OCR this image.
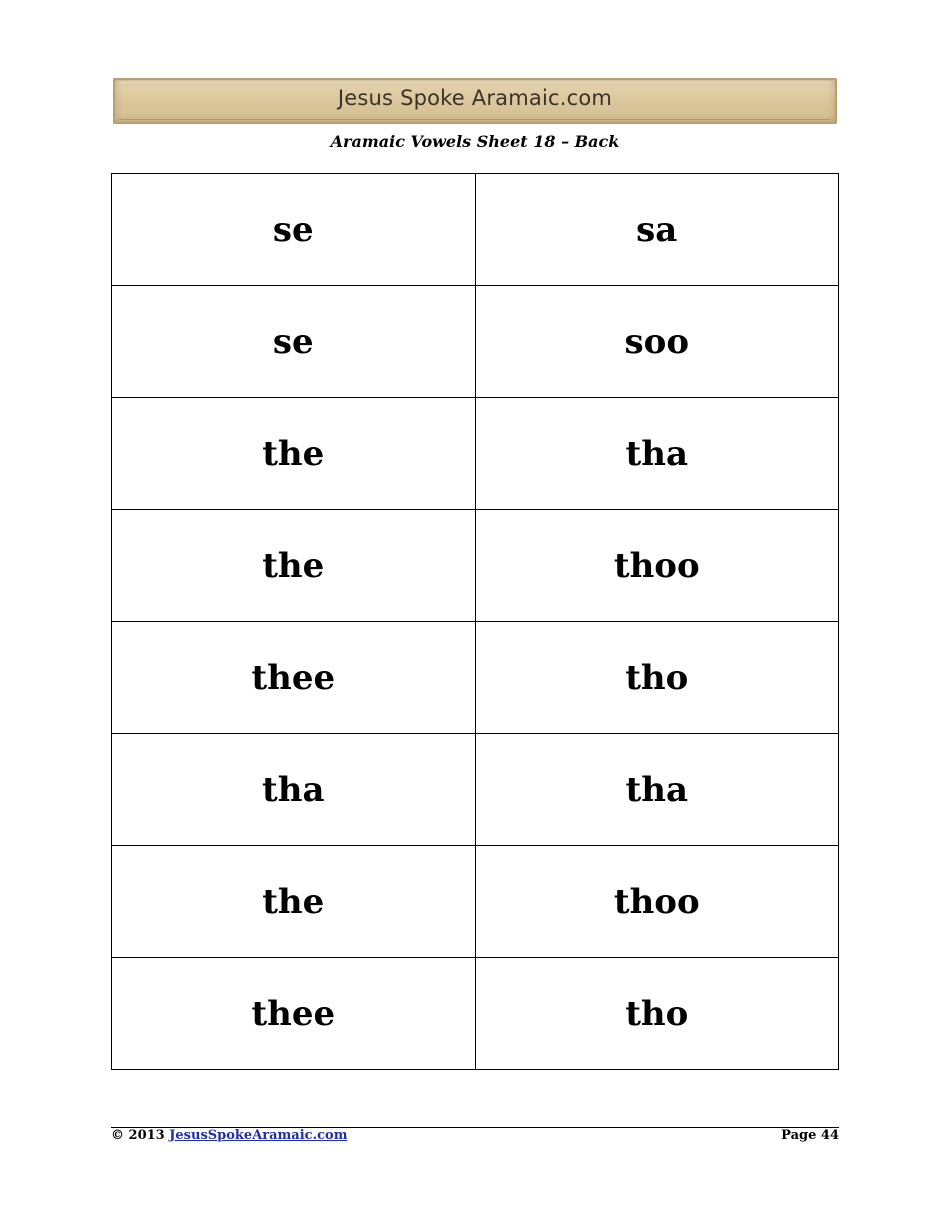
Jesus Spoke Aramaic.com
Aramaic Vowels Sheet 18 – Back
se	sa
se	soo
the	tha
the	thoo
thee	tho
tha	tha
the	thoo
thee	tho
© 2013 JesusSpokeAramaic.com	Page 44
